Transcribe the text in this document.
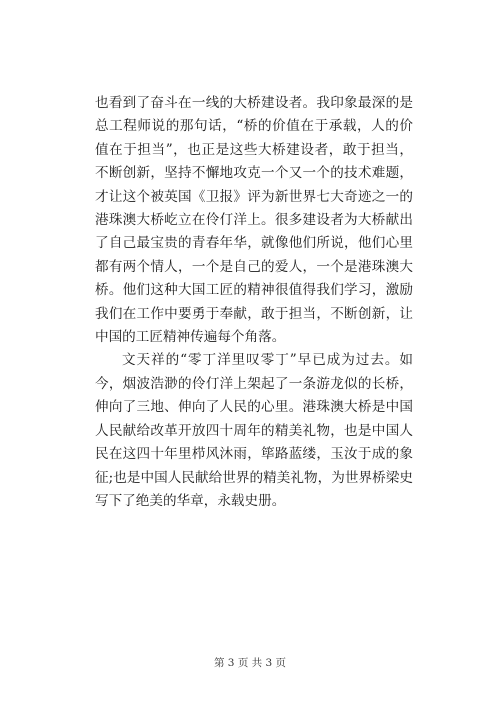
也看到了奋斗在一线的大桥建设者。我印象最深的是总工程师说的那句话，“桥的价值在于承载，人的价值在于担当”，也正是这些大桥建设者，敢于担当，不断创新，坚持不懈地攻克一个又一个的技术难题，才让这个被英国《卫报》评为新世界七大奇迹之一的港珠澳大桥屹立在伶仃洋上。很多建设者为大桥献出了自己最宝贵的青春年华，就像他们所说，他们心里都有两个情人，一个是自己的爱人，一个是港珠澳大桥。他们这种大国工匠的精神很值得我们学习，激励我们在工作中要勇于奉献，敢于担当，不断创新，让中国的工匠精神传遍每个角落。

文天祥的“零丁洋里叹零丁”早已成为过去。如今，烟波浩渺的伶仃洋上架起了一条游龙似的长桥，伸向了三地、伸向了人民的心里。港珠澳大桥是中国人民献给改革开放四十周年的精美礼物，也是中国人民在这四十年里栉风沐雨，筚路蓝缕，玉汝于成的象征;也是中国人民献给世界的精美礼物，为世界桥梁史写下了绝美的华章，永载史册。

第 3 页 共 3 页
